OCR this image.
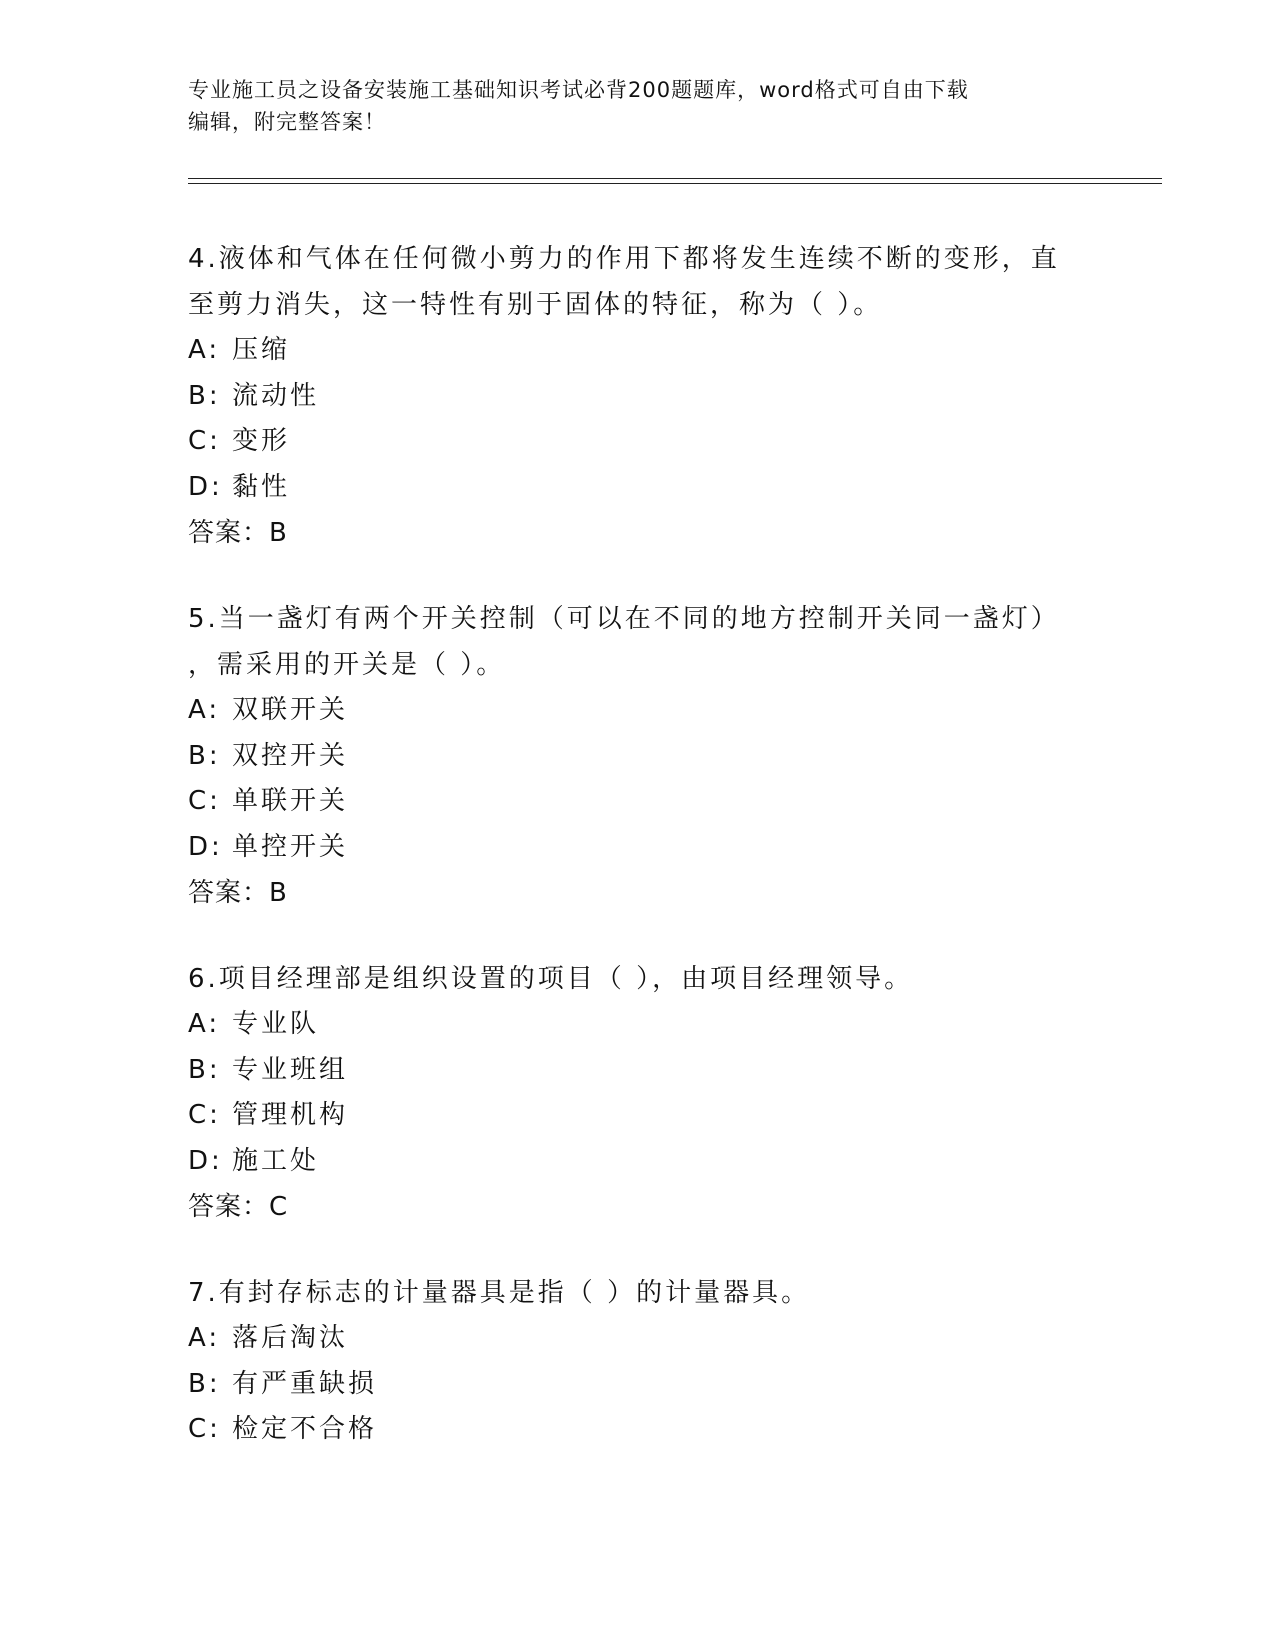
专业施工员之设备安装施工基础知识考试必背200题题库，word格式可自由下载
编辑，附完整答案！

4.液体和气体在任何微小剪力的作用下都将发生连续不断的变形，直

至剪力消失，这一特性有别于固体的特征，称为（ ）。

A: 压缩

B: 流动性

C: 变形

D: 黏性

答案：B

5.当一盏灯有两个开关控制（可以在不同的地方控制开关同一盏灯）

，需采用的开关是（ ）。

A: 双联开关

B: 双控开关

C: 单联开关

D: 单控开关

答案：B

6.项目经理部是组织设置的项目（ ），由项目经理领导。

A: 专业队

B: 专业班组

C: 管理机构

D: 施工处

答案：C

7.有封存标志的计量器具是指（ ）的计量器具。

A: 落后淘汰

B: 有严重缺损

C: 检定不合格
